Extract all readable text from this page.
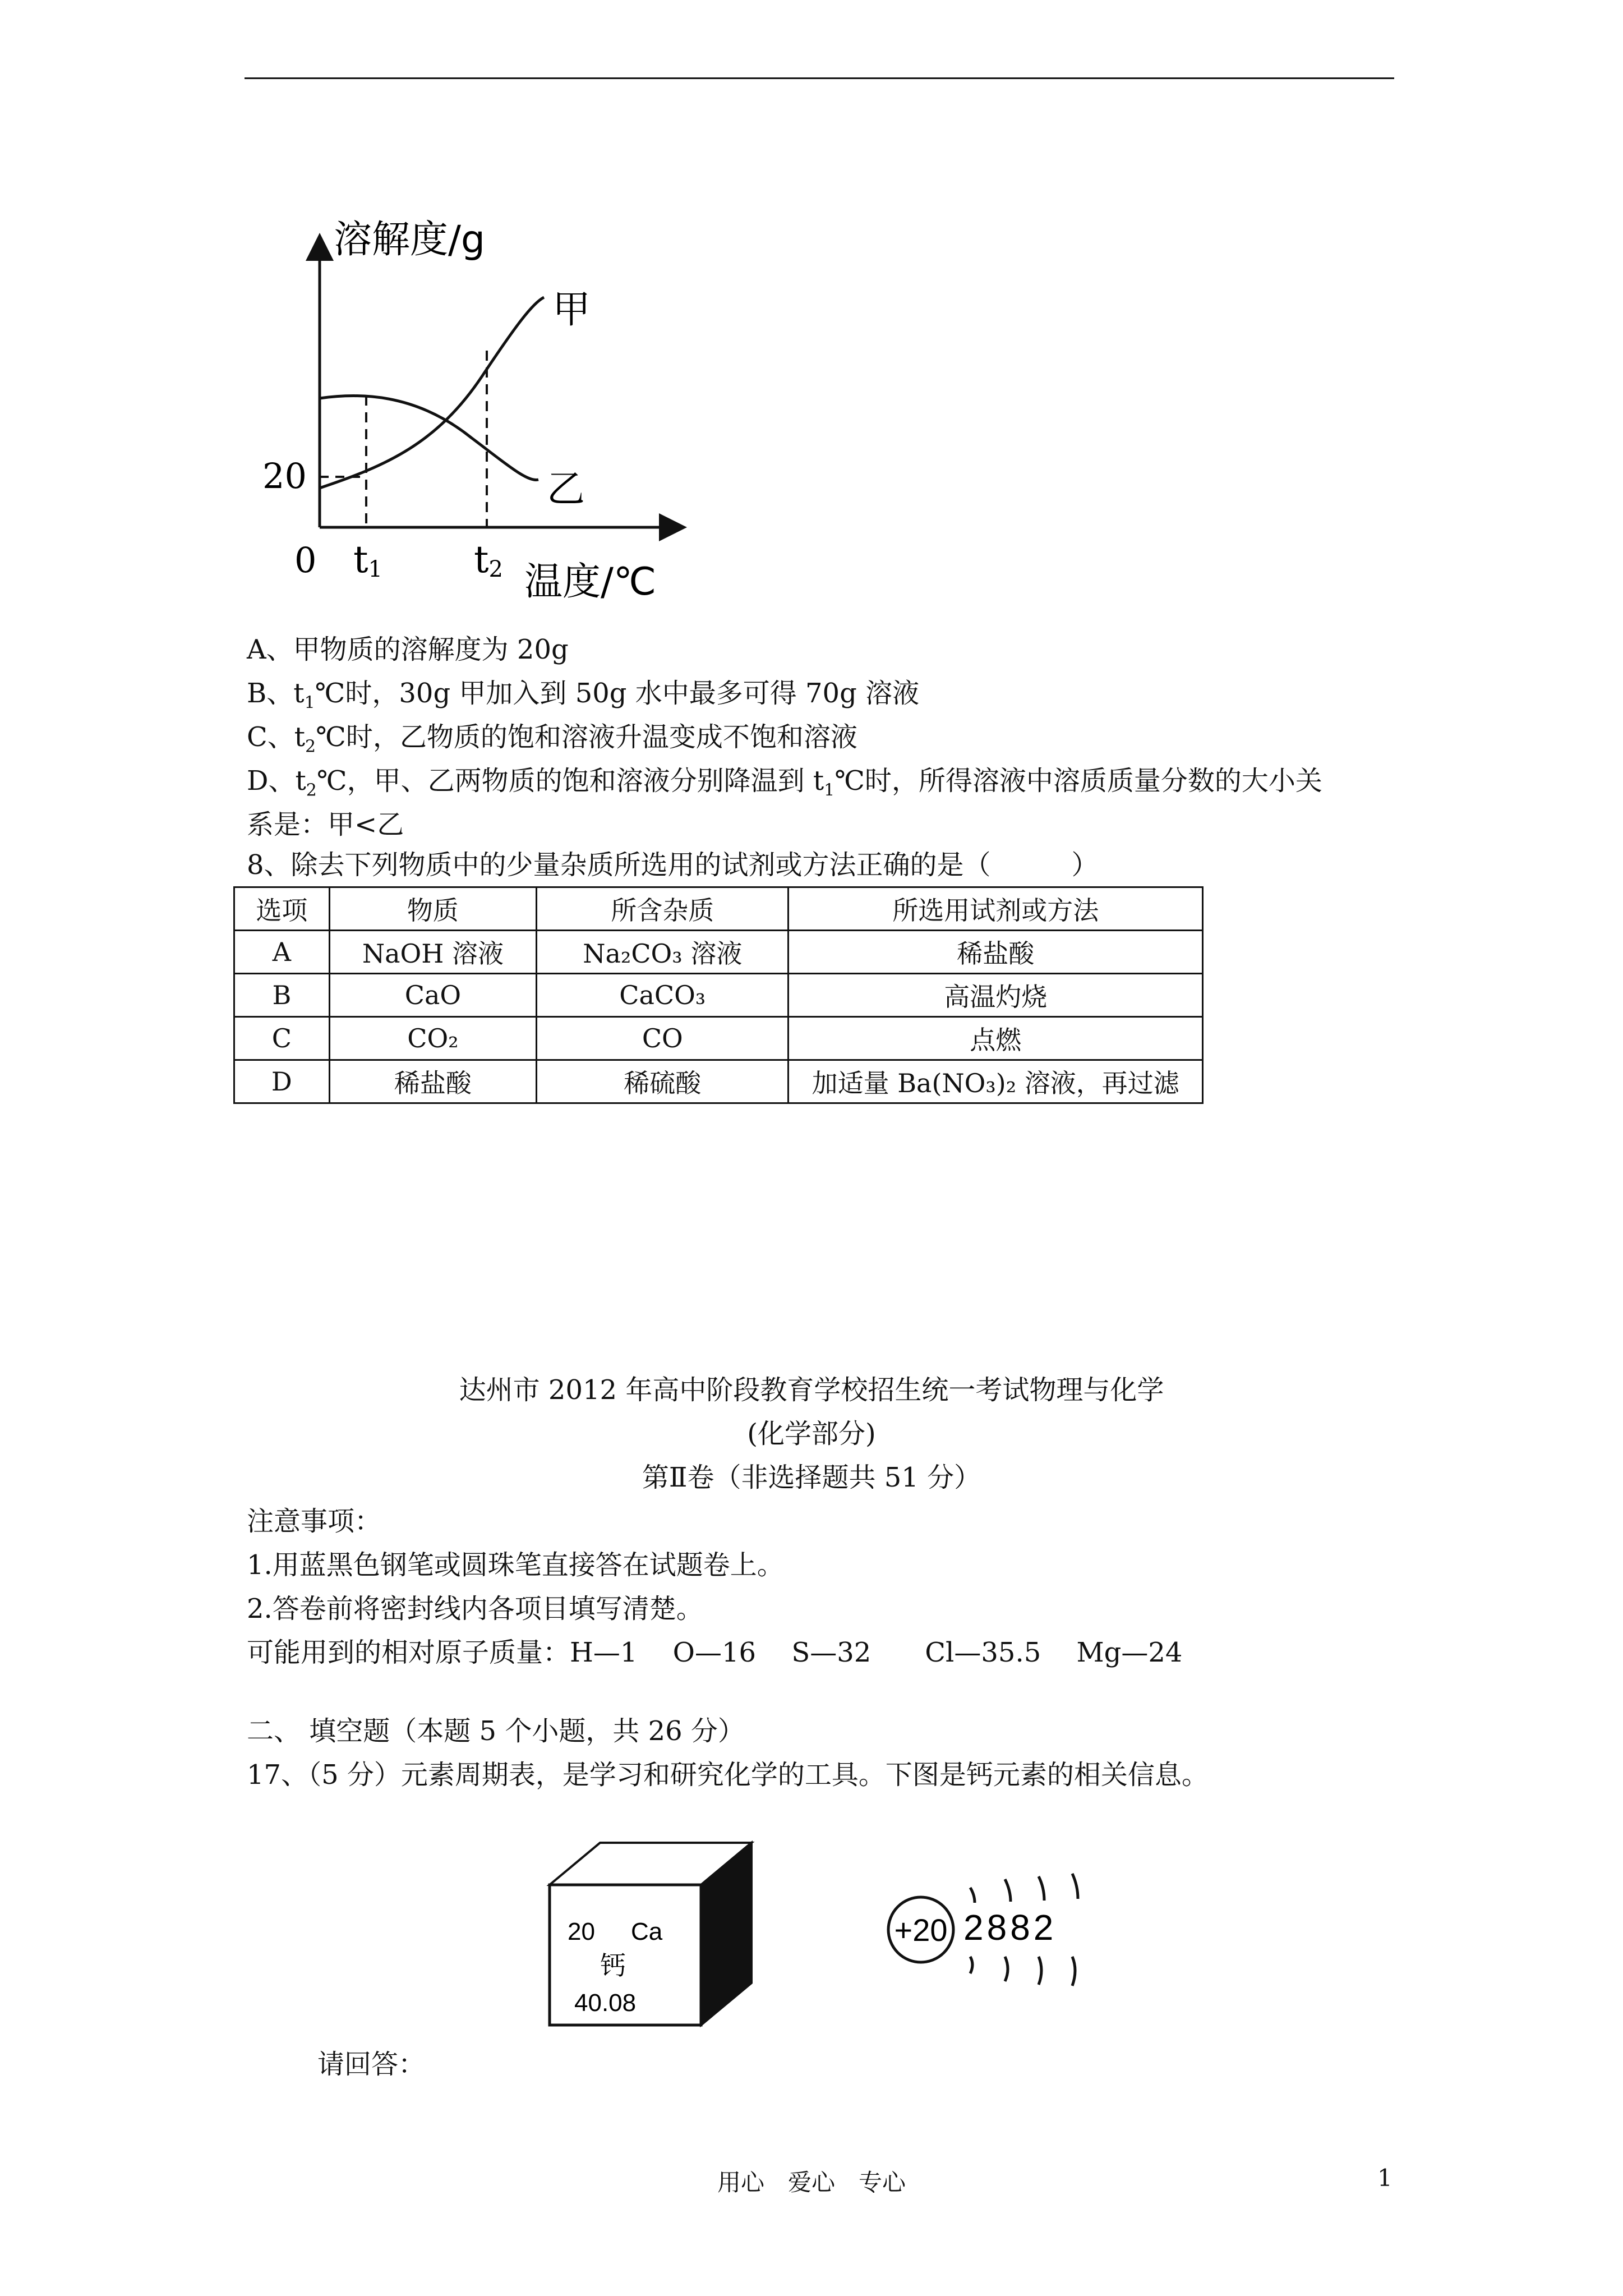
溶解度/g
温度/℃
0
20
t1 t2
甲
乙
A、甲物质的溶解度为 20g
B、$t_1℃$时，30g 甲加入到 50g 水中最多可得 70g 溶液
C、$t_2℃$时，乙物质的饱和溶液升温变成不饱和溶液
D、$t_2℃$，甲、乙两物质的饱和溶液分别降温到 $t_1℃$时，所得溶液中溶质质量分数的大小关
系是：甲<乙
8、除去下列物质中的少量杂质所选用的试剂或方法正确的是（　　　）
选项	物质	所含杂质	所选用试剂或方法
A	NaOH 溶液	Na₂CO₃ 溶液	稀盐酸
B	CaO	CaCO₃	高温灼烧
C	CO₂	CO	点燃
D	稀盐酸	稀硫酸	加适量 Ba(NO₃)₂ 溶液，再过滤
达州市 2012 年高中阶段教育学校招生统一考试物理与化学
(化学部分)
第Ⅱ卷（非选择题共 51 分）
注意事项：
1.用蓝黑色钢笔或圆珠笔直接答在试题卷上。
2.答卷前将密封线内各项目填写清楚。
可能用到的相对原子质量：H—1　 O—16　 S—32　　Cl—35.5　 Mg—24
二、 填空题（本题 5 个小题，共 26 分）
17、（5 分）元素周期表，是学习和研究化学的工具。下图是钙元素的相关信息。
20 Ca
钙
40.08
+20 2882
请回答：
用心　爱心　专心	1
